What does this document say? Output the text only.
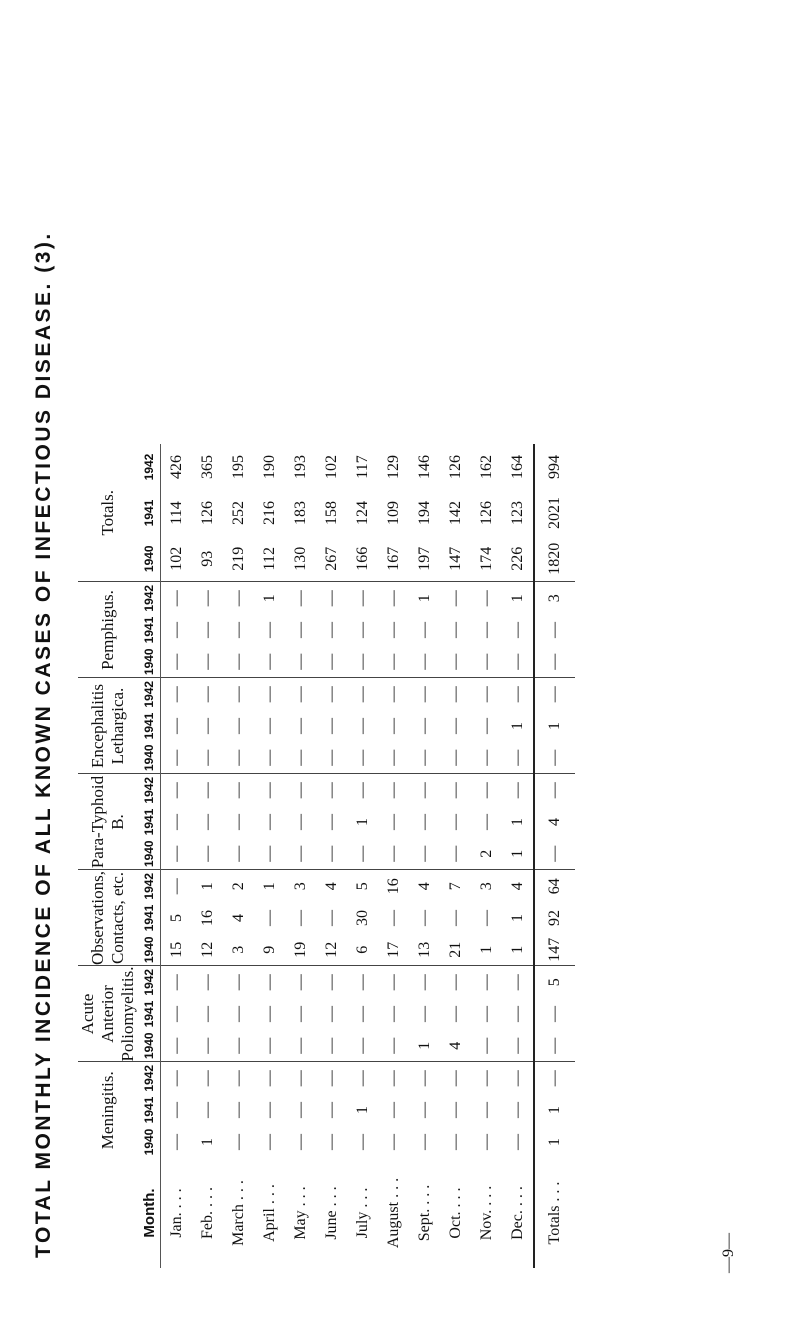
TOTAL MONTHLY INCIDENCE OF ALL KNOWN CASES OF INFECTIOUS DISEASE. (3).
		Meningitis.			Acute Anterior Poliomyelitis.			Observations, Contacts, etc.			Para-Typhoid B.			Encephalitis Lethargica.			Pemphigus.			Totals.		
Month.	1940	1941	1942	1940	1941	1942	1940	1941	1942	1940	1941	1942	1940	1941	1942	1940	1941	1942	1940	1941	1942
Jan. . . .	—	—	—	—	—	—	15	5	—	—	—	—	—	—	—	—	—	—	102	114	426
Feb. . . .	1	—	—	—	—	—	12	16	1	—	—	—	—	—	—	—	—	—	93	126	365
March . . .	—	—	—	—	—	—	3	4	2	—	—	—	—	—	—	—	—	—	219	252	195
April . . .	—	—	—	—	—	—	9	—	1	—	—	—	—	—	—	—	—	1	112	216	190
May . . .	—	—	—	—	—	—	19	—	3	—	—	—	—	—	—	—	—	—	130	183	193
June . . .	—	—	—	—	—	—	12	—	4	—	—	—	—	—	—	—	—	—	267	158	102
July . . .	—	1	—	—	—	—	6	30	5	—	1	—	—	—	—	—	—	—	166	124	117
August . . .	—	—	—	—	—	—	17	—	16	—	—	—	—	—	—	—	—	—	167	109	129
Sept. . . .	—	—	—	1	—	—	13	—	4	—	—	—	—	—	—	—	—	1	197	194	146
Oct. . . .	—	—	—	4	—	—	21	—	7	—	—	—	—	—	—	—	—	—	147	142	126
Nov. . . .	—	—	—	—	—	—	1	—	3	2	—	—	—	—	—	—	—	—	174	126	162
Dec. . . .	—	—	—	—	—	—	1	1	4	1	1	—	—	1	—	—	—	1	226	123	164
Totals . . .	1	1	—	—	—	5	147	92	64	—	4	—	—	1	—	—	—	3	1820	2021	994
—9—
